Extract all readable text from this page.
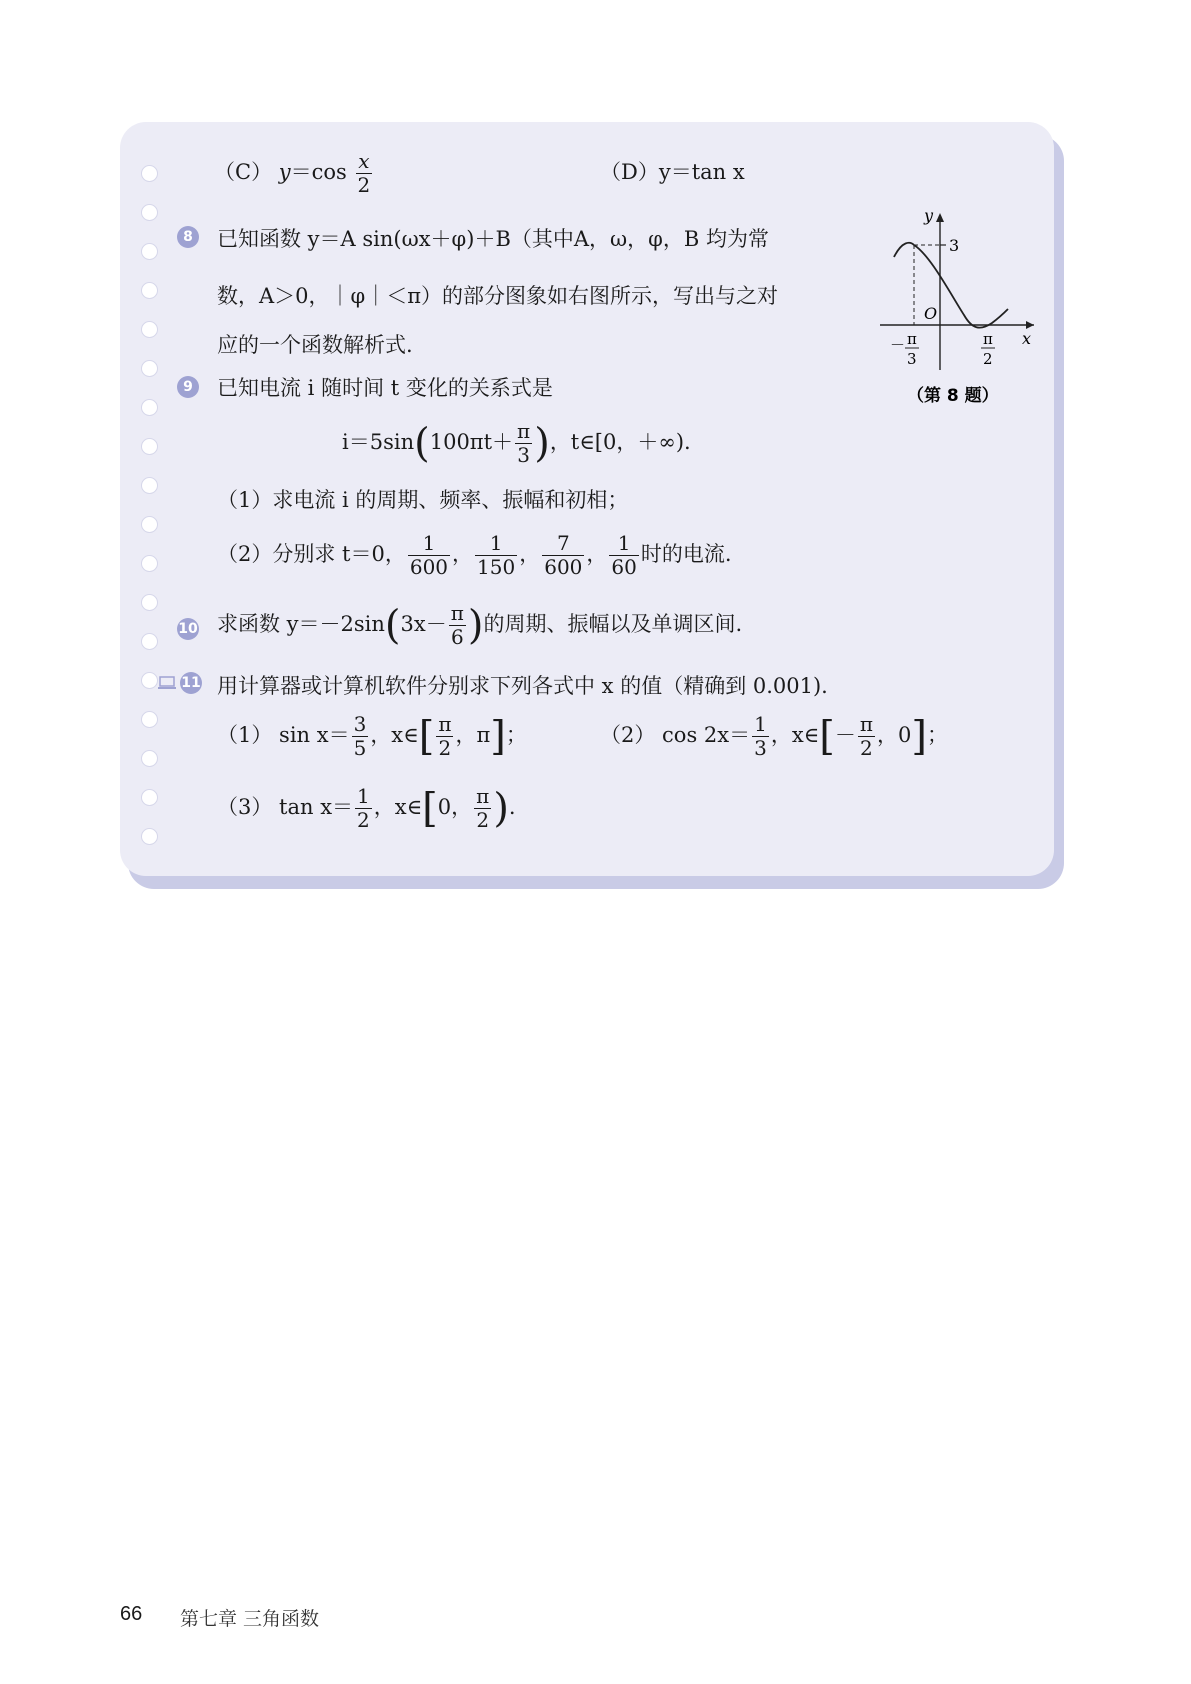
（C） $y=\cos \frac{x}{2}$	（D）y＝tan x
8 已知函数 y＝A sin(ωx＋φ)＋B（其中A，ω，φ，B 均为常
数，A＞0，｜φ｜＜π）的部分图象如右图所示，写出与之对
应的一个函数解析式.
y
x
3
O
－ π
3
π
2
（第 8 题）
9 已知电流 i 随时间 t 变化的关系式是
$i=5\sin(100\pi t+ \frac{\pi}{3}$ )，t∈[0，＋∞).
（1）求电流 i 的周期、频率、振幅和初相；
（2）分别求 t＝0， $\frac{1}{600}$ ， $\frac{1}{150}$ ， $\frac{7}{600}$ ， $\frac{1}{60}$ 时的电流.
10 求函数 $y=-2\sin(3x- \frac{\pi}{6}$ )的周期、振幅以及单调区间.
11 用计算器或计算机软件分别求下列各式中 x 的值（精确到 0.001).
（1） $\sin x= \frac{3}{5}$ ，x∈[ $\frac{\pi}{2}$ ，π]；	（2） $\cos 2x= \frac{1}{3}$ ，x∈[－ $\frac{\pi}{2}$ ，0]；
（3） $\tan x= \frac{1}{2}$ ，x∈[0， $\frac{\pi}{2}$ ).
66 第七章 三角函数
